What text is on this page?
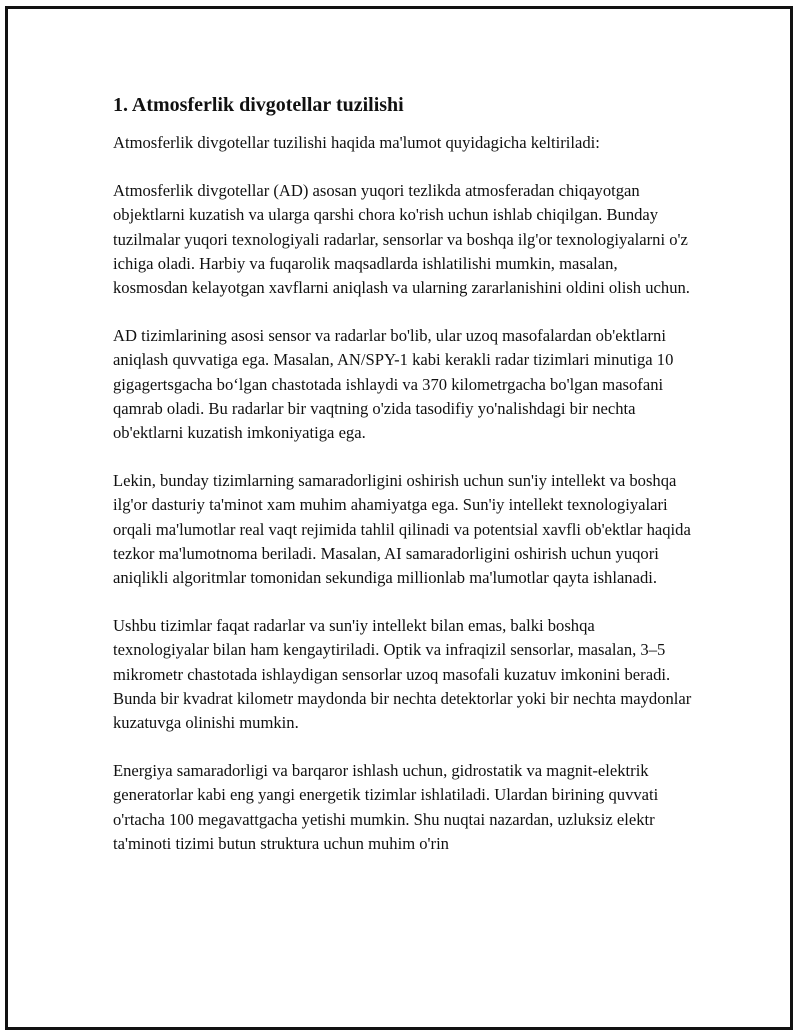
1. Atmosferlik divgotellar tuzilishi

Atmosferlik divgotellar tuzilishi haqida ma'lumot quyidagicha keltiriladi:

Atmosferlik divgotellar (AD) asosan yuqori tezlikda atmosferadan chiqayotgan objektlarni kuzatish va ularga qarshi chora ko'rish uchun ishlab chiqilgan. Bunday tuzilmalar yuqori texnologiyali radarlar, sensorlar va boshqa ilg'or texnologiyalarni o'z ichiga oladi. Harbiy va fuqarolik maqsadlarda ishlatilishi mumkin, masalan, kosmosdan kelayotgan xavflarni aniqlash va ularning zararlanishini oldini olish uchun.

AD tizimlarining asosi sensor va radarlar bo'lib, ular uzoq masofalardan ob'ektlarni aniqlash quvvatiga ega. Masalan, AN/SPY-1 kabi kerakli radar tizimlari minutiga 10 gigagertsgacha bo‘lgan chastotada ishlaydi va 370 kilometrgacha bo'lgan masofani qamrab oladi. Bu radarlar bir vaqtning o'zida tasodifiy yo'nalishdagi bir nechta ob'ektlarni kuzatish imkoniyatiga ega.

Lekin, bunday tizimlarning samaradorligini oshirish uchun sun'iy intellekt va boshqa ilg'or dasturiy ta'minot xam muhim ahamiyatga ega. Sun'iy intellekt texnologiyalari orqali ma'lumotlar real vaqt rejimida tahlil qilinadi va potentsial xavfli ob'ektlar haqida tezkor ma'lumotnoma beriladi. Masalan, AI samaradorligini oshirish uchun yuqori aniqlikli algoritmlar tomonidan sekundiga millionlab ma'lumotlar qayta ishlanadi.

Ushbu tizimlar faqat radarlar va sun'iy intellekt bilan emas, balki boshqa texnologiyalar bilan ham kengaytiriladi. Optik va infraqizil sensorlar, masalan, 3–5 mikrometr chastotada ishlaydigan sensorlar uzoq masofali kuzatuv imkonini beradi. Bunda bir kvadrat kilometr maydonda bir nechta detektorlar yoki bir nechta maydonlar kuzatuvga olinishi mumkin.

Energiya samaradorligi va barqaror ishlash uchun, gidrostatik va magnit-elektrik generatorlar kabi eng yangi energetik tizimlar ishlatiladi. Ulardan birining quvvati o'rtacha 100 megavattgacha yetishi mumkin. Shu nuqtai nazardan, uzluksiz elektr ta'minoti tizimi butun struktura uchun muhim o'rin
